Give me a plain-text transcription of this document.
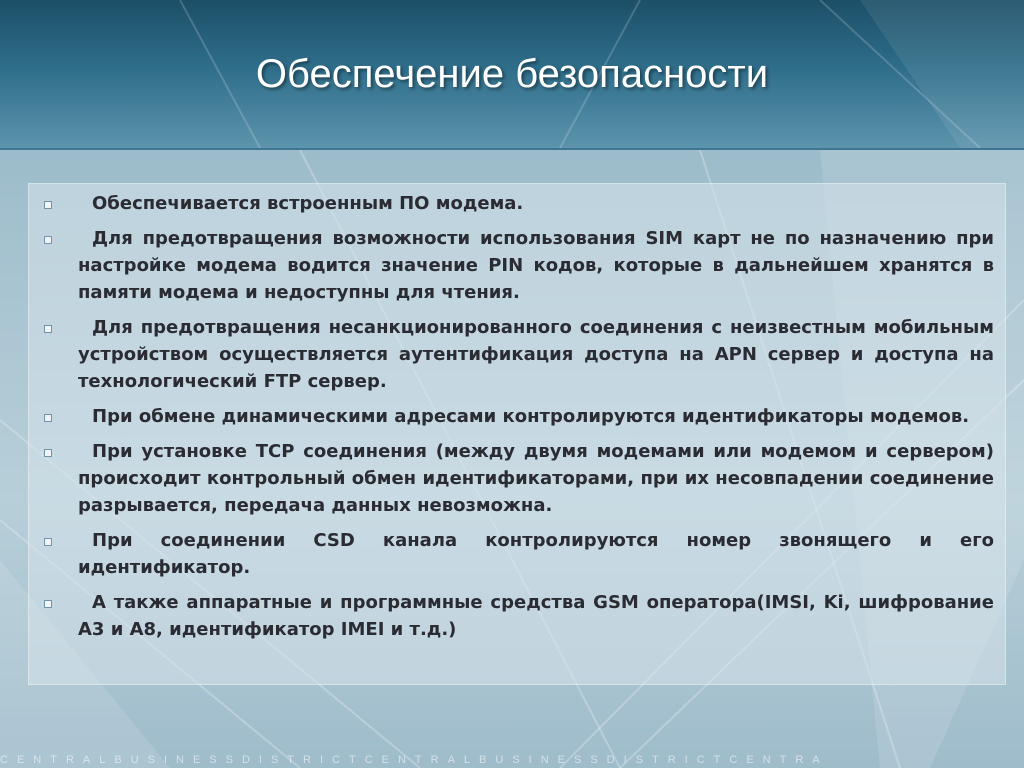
Обеспечение безопасности
Обеспечивается встроенным ПО модема.
Для предотвращения возможности использования SIM карт не по назначению при настройке модема водится значение PIN кодов, которые в дальнейшем хранятся в памяти модема и недоступны для чтения.
Для предотвращения несанкционированного соединения с неизвестным мобильным устройством осуществляется аутентификация доступа на APN сервер и доступа на технологический FTP сервер.
При обмене динамическими адресами контролируются идентификаторы модемов.
При установке TCP соединения (между двумя модемами или модемом и сервером) происходит контрольный обмен идентификаторами, при их несовпадении соединение разрывается, передача данных невозможна.
При соединении CSD канала контролируются номер звонящего и его идентификатор.
А также аппаратные и программные средства GSM оператора(IMSI, Ki, шифрование А3 и А8, идентификатор IMEI и т.д.)
CENTRALBUSINESSDISTRICTCENTRALBUSINESSDISTRICTCENTRA
